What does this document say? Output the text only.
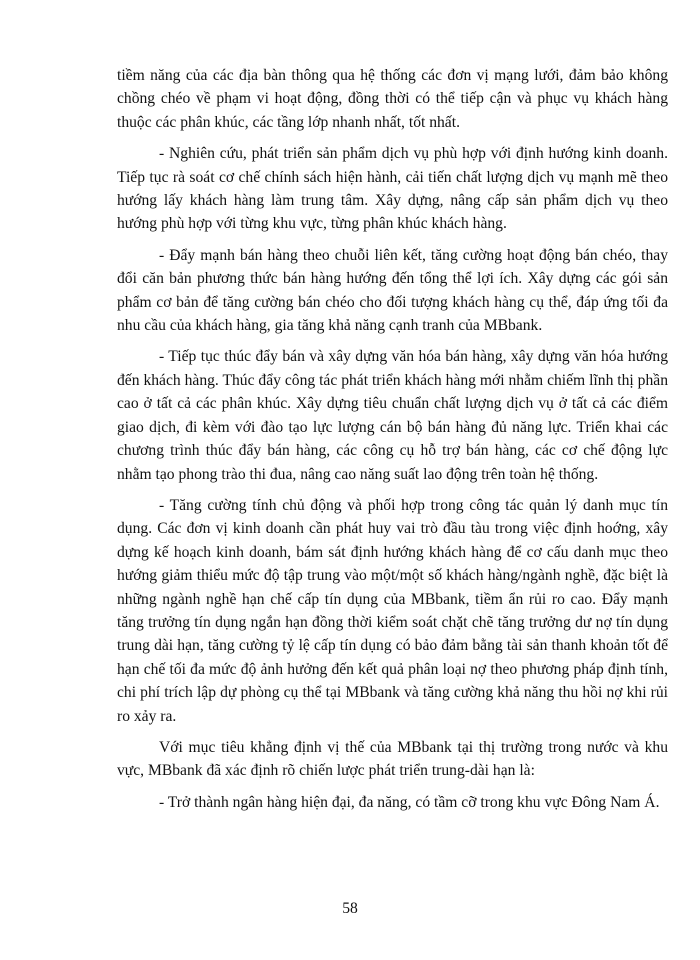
tiềm năng của các địa bàn thông qua hệ thống các đơn vị mạng lưới, đảm bảo không chồng chéo về phạm vi hoạt động, đồng thời có thể tiếp cận và phục vụ khách hàng thuộc các phân khúc, các tầng lớp nhanh nhất, tốt nhất.

- Nghiên cứu, phát triển sản phẩm dịch vụ phù hợp với định hướng kinh doanh. Tiếp tục rà soát cơ chế chính sách hiện hành, cải tiến chất lượng dịch vụ mạnh mẽ theo hướng lấy khách hàng làm trung tâm. Xây dựng, nâng cấp sản phẩm dịch vụ theo hướng phù hợp với từng khu vực, từng phân khúc khách hàng.

- Đẩy mạnh bán hàng theo chuỗi liên kết, tăng cường hoạt động bán chéo, thay đổi căn bản phương thức bán hàng hướng đến tổng thể lợi ích. Xây dựng các gói sản phẩm cơ bản để tăng cường bán chéo cho đối tượng khách hàng cụ thể, đáp ứng tối đa nhu cầu của khách hàng, gia tăng khả năng cạnh tranh của MBbank.

- Tiếp tục thúc đẩy bán và xây dựng văn hóa bán hàng, xây dựng văn hóa hướng đến khách hàng. Thúc đẩy công tác phát triển khách hàng mới nhằm chiếm lĩnh thị phần cao ở tất cả các phân khúc. Xây dựng tiêu chuẩn chất lượng dịch vụ ở tất cả các điểm giao dịch, đi kèm với đào tạo lực lượng cán bộ bán hàng đủ năng lực. Triển khai các chương trình thúc đẩy bán hàng, các công cụ hỗ trợ bán hàng, các cơ chế động lực nhằm tạo phong trào thi đua, nâng cao năng suất lao động trên toàn hệ thống.

- Tăng cường tính chủ động và phối hợp trong công tác quản lý danh mục tín dụng. Các đơn vị kinh doanh cần phát huy vai trò đầu tàu trong việc định hoớng, xây dựng kế hoạch kinh doanh, bám sát định hướng khách hàng để cơ cấu danh mục theo hướng giảm thiểu mức độ tập trung vào một/một số khách hàng/ngành nghề, đặc biệt là những ngành nghề hạn chế cấp tín dụng của MBbank, tiềm ẩn rủi ro cao. Đẩy mạnh tăng trưởng tín dụng ngắn hạn đồng thời kiểm soát chặt chẽ tăng trưởng dư nợ tín dụng trung dài hạn, tăng cường tỷ lệ cấp tín dụng có bảo đảm bằng tài sản thanh khoản tốt để hạn chế tối đa mức độ ảnh hưởng đến kết quả phân loại nợ theo phương pháp định tính, chi phí trích lập dự phòng cụ thể tại MBbank và tăng cường khả năng thu hồi nợ khi rủi ro xảy ra.

Với mục tiêu khẳng định vị thế của MBbank tại thị trường trong nước và khu vực, MBbank đã xác định rõ chiến lược phát triển trung-dài hạn là:

- Trở thành ngân hàng hiện đại, đa năng, có tầm cỡ trong khu vực Đông Nam Á.

58
